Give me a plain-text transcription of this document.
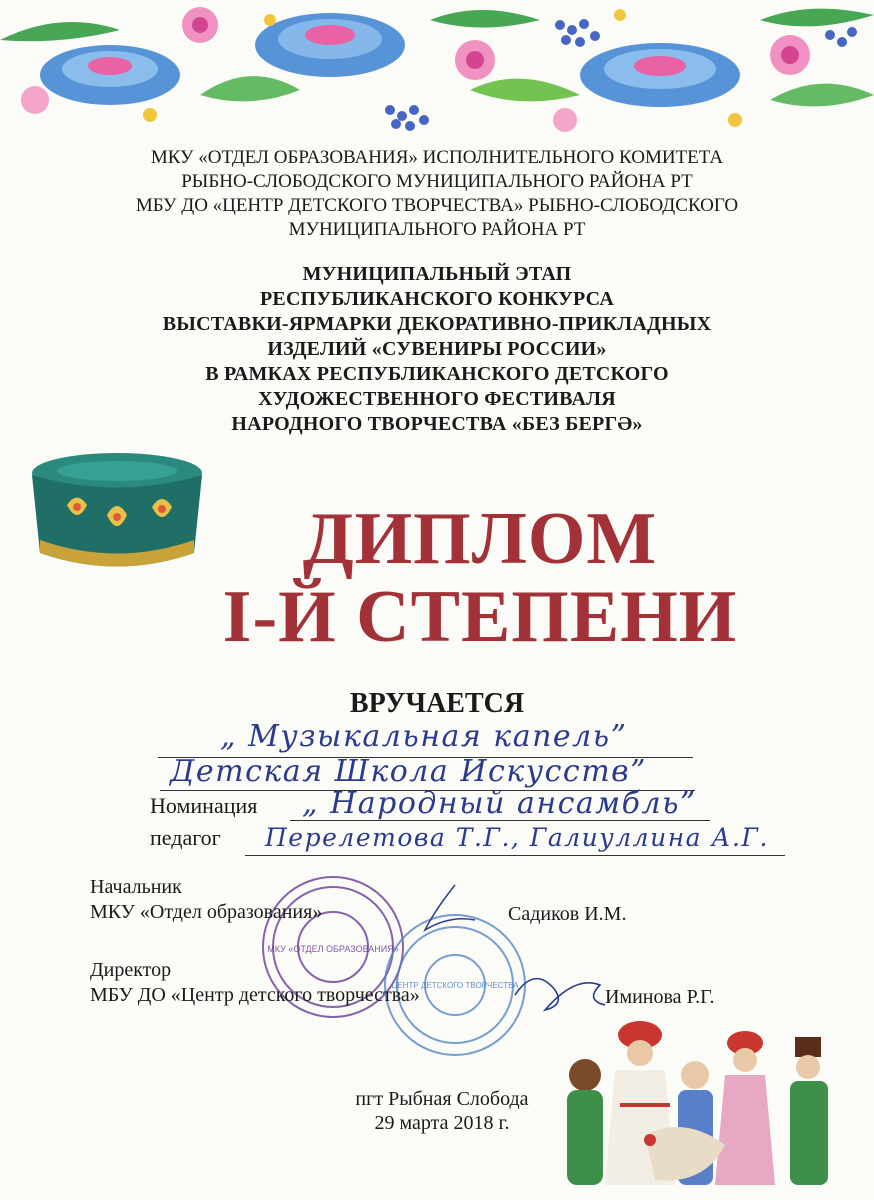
МКУ «ОТДЕЛ ОБРАЗОВАНИЯ» ИСПОЛНИТЕЛЬНОГО КОМИТЕТА
РЫБНО-СЛОБОДСКОГО МУНИЦИПАЛЬНОГО РАЙОНА РТ
МБУ ДО «ЦЕНТР ДЕТСКОГО ТВОРЧЕСТВА» РЫБНО-СЛОБОДСКОГО
МУНИЦИПАЛЬНОГО РАЙОНА РТ
МУНИЦИПАЛЬНЫЙ ЭТАП
РЕСПУБЛИКАНСКОГО КОНКУРСА
ВЫСТАВКИ-ЯРМАРКИ ДЕКОРАТИВНО-ПРИКЛАДНЫХ
ИЗДЕЛИЙ «СУВЕНИРЫ РОССИИ»
В РАМКАХ РЕСПУБЛИКАНСКОГО ДЕТСКОГО
ХУДОЖЕСТВЕННОГО ФЕСТИВАЛЯ
НАРОДНОГО ТВОРЧЕСТВА «БЕЗ БЕРГӘ»
ДИПЛОМ
I-Й СТЕПЕНИ
ВРУЧАЕТСЯ
„ Музыкальная капель”
Детская Школа Искусств”
Номинация „ Народный ансамбль”
педагог Перелетова Т.Г., Галиуллина А.Г.
МКУ «ОТДЕЛ ОБРАЗОВАНИЯ»
ЦЕНТР ДЕТСКОГО ТВОРЧЕСТВА
Начальник
МКУ «Отдел образования»	Садиков И.М.
Директор
МБУ ДО «Центр детского творчества»	Иминова Р.Г.
пгт Рыбная Слобода
29 марта 2018 г.
